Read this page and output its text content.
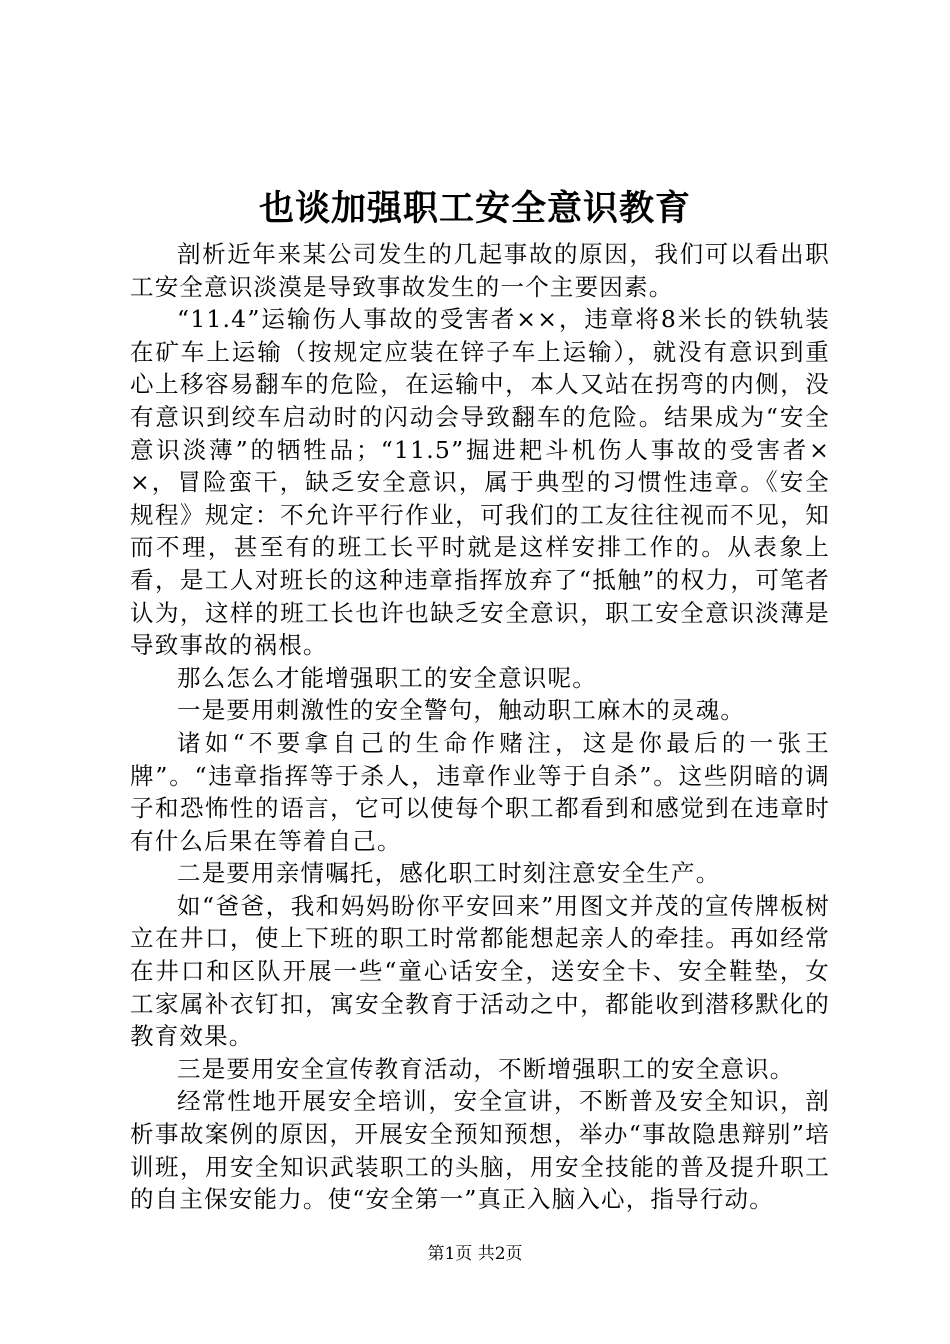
也谈加强职工安全意识教育

剖析近年来某公司发生的几起事故的原因，我们可以看出职工安全意识淡漠是导致事故发生的一个主要因素。

“11.4”运输伤人事故的受害者××，违章将8米长的铁轨装在矿车上运输（按规定应装在锌子车上运输），就没有意识到重心上移容易翻车的危险，在运输中，本人又站在拐弯的内侧，没有意识到绞车启动时的闪动会导致翻车的危险。结果成为“安全意识淡薄”的牺牲品；“11.5”掘进耙斗机伤人事故的受害者××，冒险蛮干，缺乏安全意识，属于典型的习惯性违章。《安全规程》规定：不允许平行作业，可我们的工友往往视而不见，知而不理，甚至有的班工长平时就是这样安排工作的。从表象上看，是工人对班长的这种违章指挥放弃了“抵触”的权力，可笔者认为，这样的班工长也许也缺乏安全意识，职工安全意识淡薄是导致事故的祸根。

那么怎么才能增强职工的安全意识呢。

一是要用刺激性的安全警句，触动职工麻木的灵魂。

诸如“不要拿自己的生命作赌注，这是你最后的一张王牌”。“违章指挥等于杀人，违章作业等于自杀”。这些阴暗的调子和恐怖性的语言，它可以使每个职工都看到和感觉到在违章时有什么后果在等着自己。

二是要用亲情嘱托，感化职工时刻注意安全生产。

如“爸爸，我和妈妈盼你平安回来”用图文并茂的宣传牌板树立在井口，使上下班的职工时常都能想起亲人的牵挂。再如经常在井口和区队开展一些“童心话安全，送安全卡、安全鞋垫，女工家属补衣钉扣，寓安全教育于活动之中，都能收到潜移默化的教育效果。

三是要用安全宣传教育活动，不断增强职工的安全意识。

经常性地开展安全培训，安全宣讲，不断普及安全知识，剖析事故案例的原因，开展安全预知预想，举办“事故隐患辩别”培训班，用安全知识武装职工的头脑，用安全技能的普及提升职工的自主保安能力。使“安全第一”真正入脑入心，指导行动。

第1页 共2页
